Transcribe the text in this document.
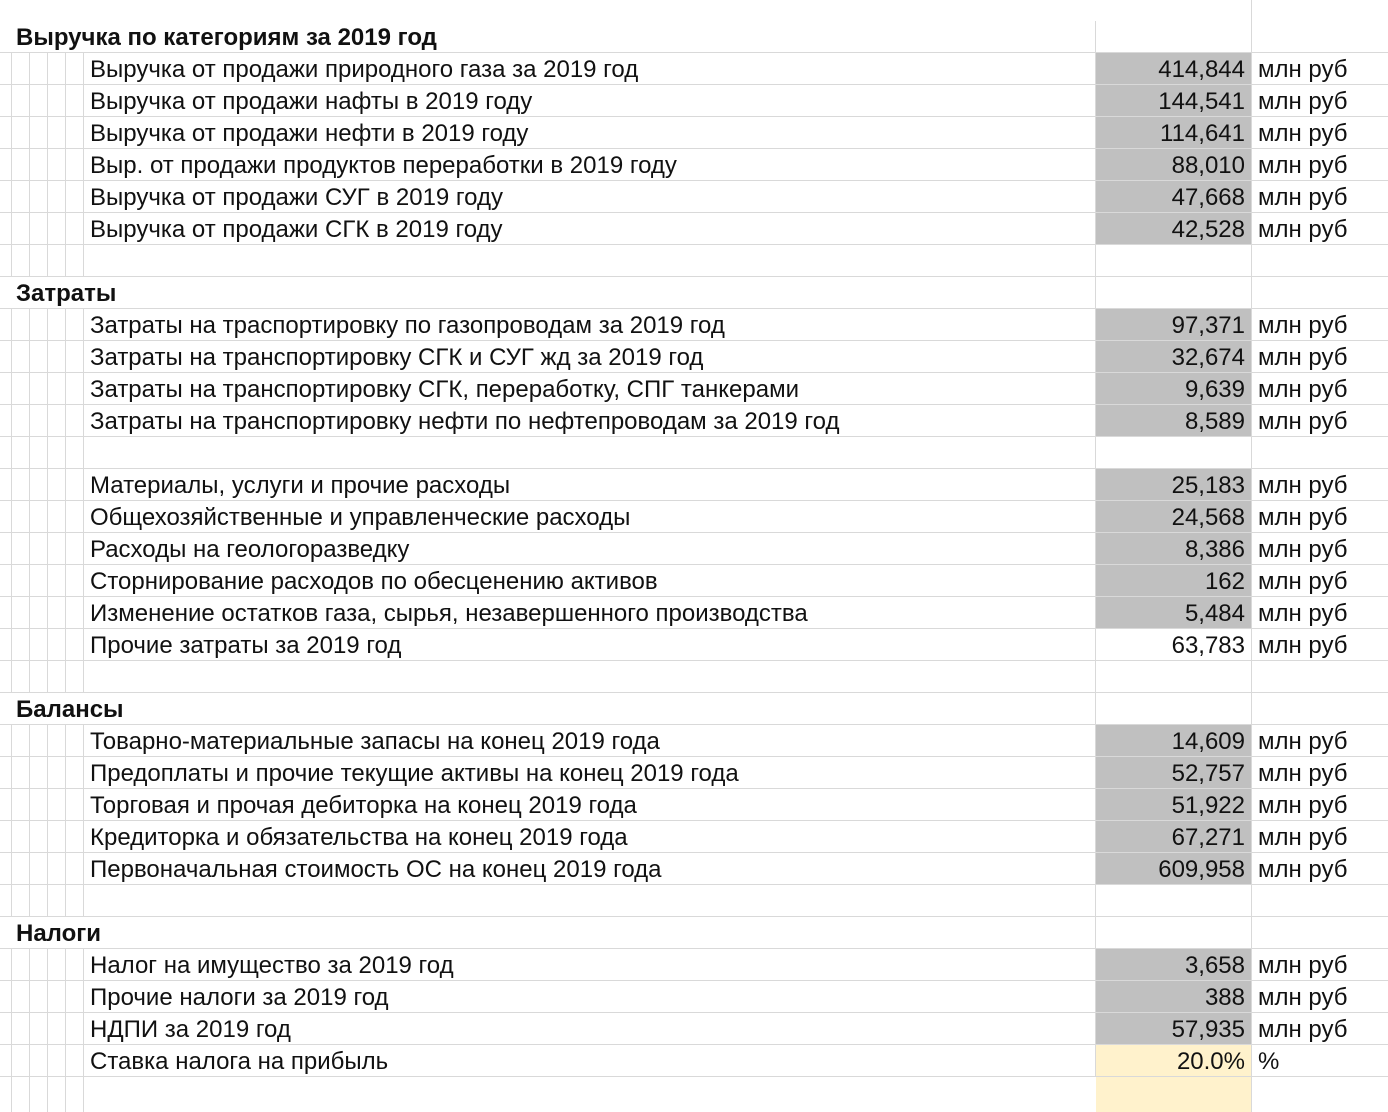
Выручка по категориям за 2019 год
Выручка от продажи природного газа за 2019 год	414,844 млн руб
Выручка от продажи нафты в 2019 году	144,541 млн руб
Выручка от продажи нефти в 2019 году	114,641 млн руб
Выр. от продажи продуктов переработки в 2019 году	88,010 млн руб
Выручка от продажи СУГ в 2019 году	47,668 млн руб
Выручка от продажи СГК в 2019 году	42,528 млн руб
Затраты
Затраты на траспортировку по газопроводам за 2019 год	97,371 млн руб
Затраты на транспортировку СГК и СУГ жд за 2019 год	32,674 млн руб
Затраты на транспортировку СГК, переработку, СПГ танкерами	9,639 млн руб
Затраты на транспортировку нефти по нефтепроводам за 2019 год	8,589 млн руб
Материалы, услуги и прочие расходы	25,183 млн руб
Общехозяйственные и управленческие расходы	24,568 млн руб
Расходы на геологоразведку	8,386 млн руб
Сторнирование расходов по обесценению активов	162 млн руб
Изменение остатков газа, сырья, незавершенного производства	5,484 млн руб
Прочие затраты за 2019 год	63,783 млн руб
Балансы
Товарно-материальные запасы на конец 2019 года	14,609 млн руб
Предоплаты и прочие текущие активы на конец 2019 года	52,757 млн руб
Торговая и прочая дебиторка на конец 2019 года	51,922 млн руб
Кредиторка и обязательства на конец 2019 года	67,271 млн руб
Первоначальная стоимость ОС на конец 2019 года	609,958 млн руб
Налоги
Налог на имущество за 2019 год	3,658 млн руб
Прочие налоги за 2019 год	388 млн руб
НДПИ за 2019 год	57,935 млн руб
Ставка налога на прибыль	20.0% %
